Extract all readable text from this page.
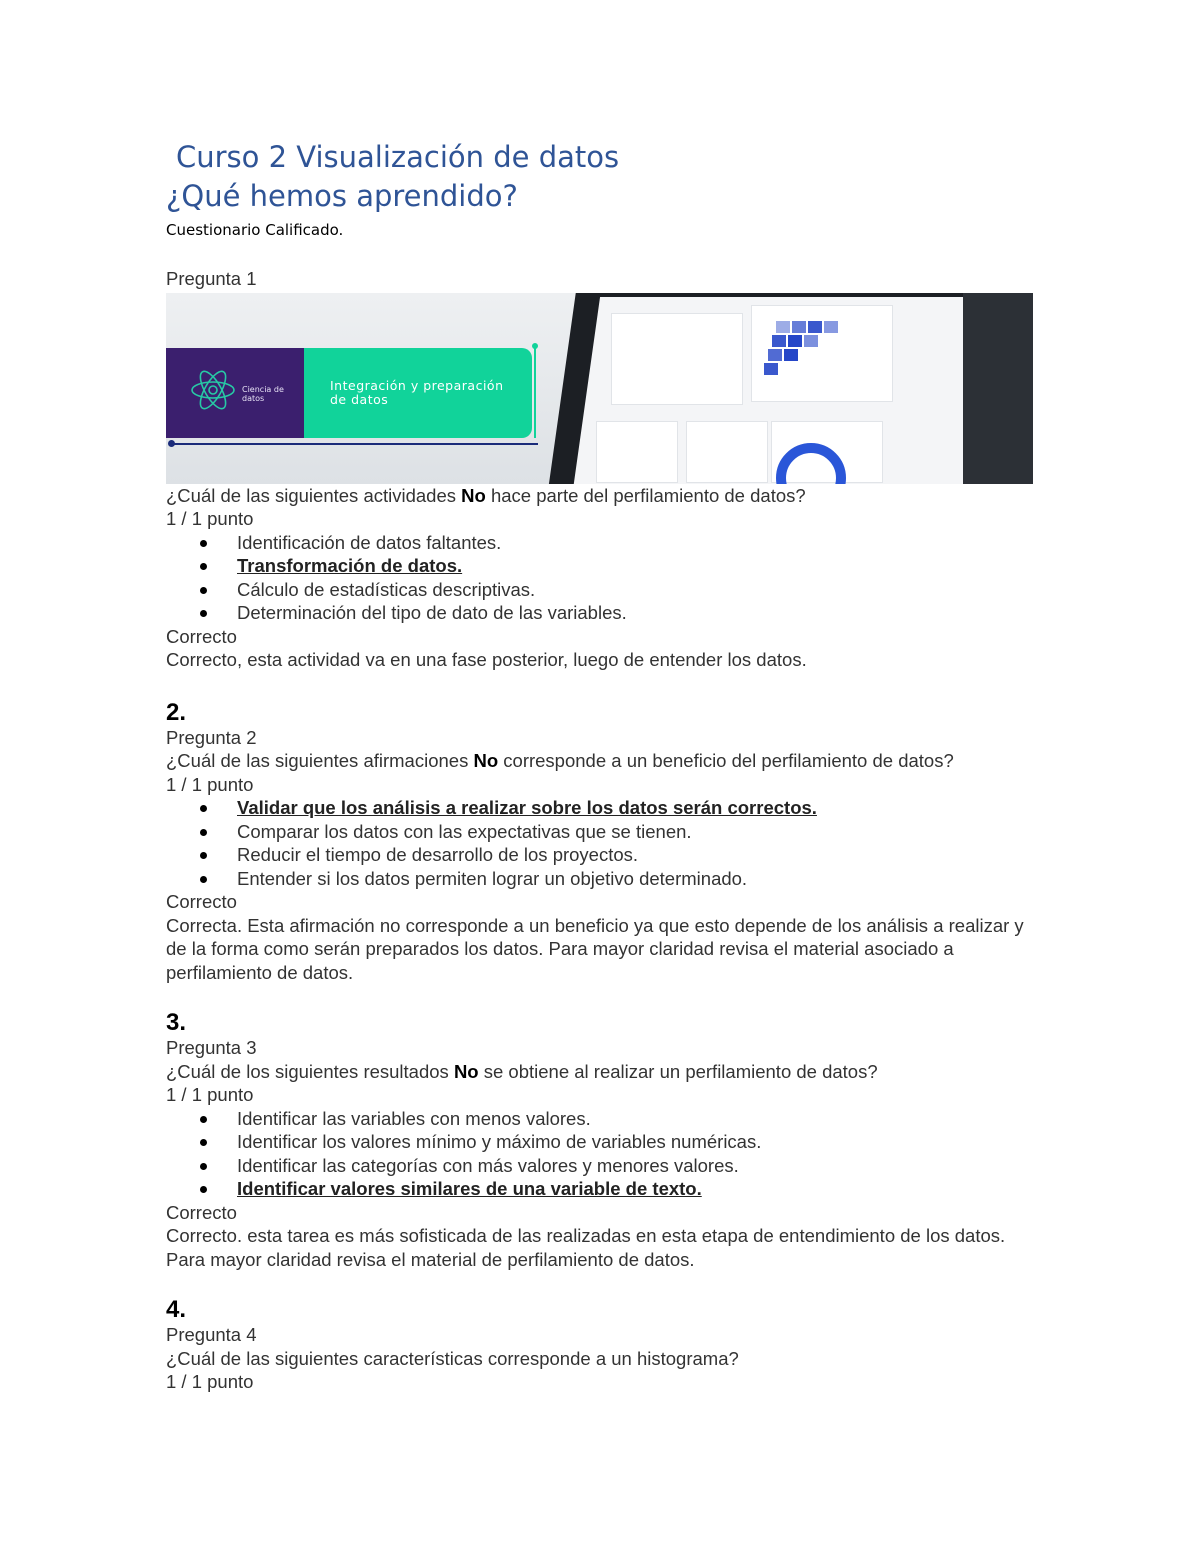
Curso 2 Visualización de datos
¿Qué hemos aprendido?
Cuestionario Calificado.
Pregunta 1
Ciencia de datos
Integración y preparación de datos
¿Cuál de las siguientes actividades No hace parte del perfilamiento de datos?
1 / 1 punto
Identificación de datos faltantes.
Transformación de datos.
Cálculo de estadísticas descriptivas.
Determinación del tipo de dato de las variables.
Correcto
Correcto, esta actividad va en una fase posterior, luego de entender los datos.
2.
Pregunta 2
¿Cuál de las siguientes afirmaciones No corresponde a un beneficio del perfilamiento de datos?
1 / 1 punto
Validar que los análisis a realizar sobre los datos serán correctos.
Comparar los datos con las expectativas que se tienen.
Reducir el tiempo de desarrollo de los proyectos.
Entender si los datos permiten lograr un objetivo determinado.
Correcto
Correcta. Esta afirmación no corresponde a un beneficio ya que esto depende de los análisis a realizar y de la forma como serán preparados los datos. Para mayor claridad revisa el material asociado a perfilamiento de datos.
3.
Pregunta 3
¿Cuál de los siguientes resultados No se obtiene al realizar un perfilamiento de datos?
1 / 1 punto
Identificar las variables con menos valores.
Identificar los valores mínimo y máximo de variables numéricas.
Identificar las categorías con más valores y menores valores.
Identificar valores similares de una variable de texto.
Correcto
Correcto. esta tarea es más sofisticada de las realizadas en esta etapa de entendimiento de los datos. Para mayor claridad revisa el material de perfilamiento de datos.
4.
Pregunta 4
¿Cuál de las siguientes características corresponde a un histograma?
1 / 1 punto
